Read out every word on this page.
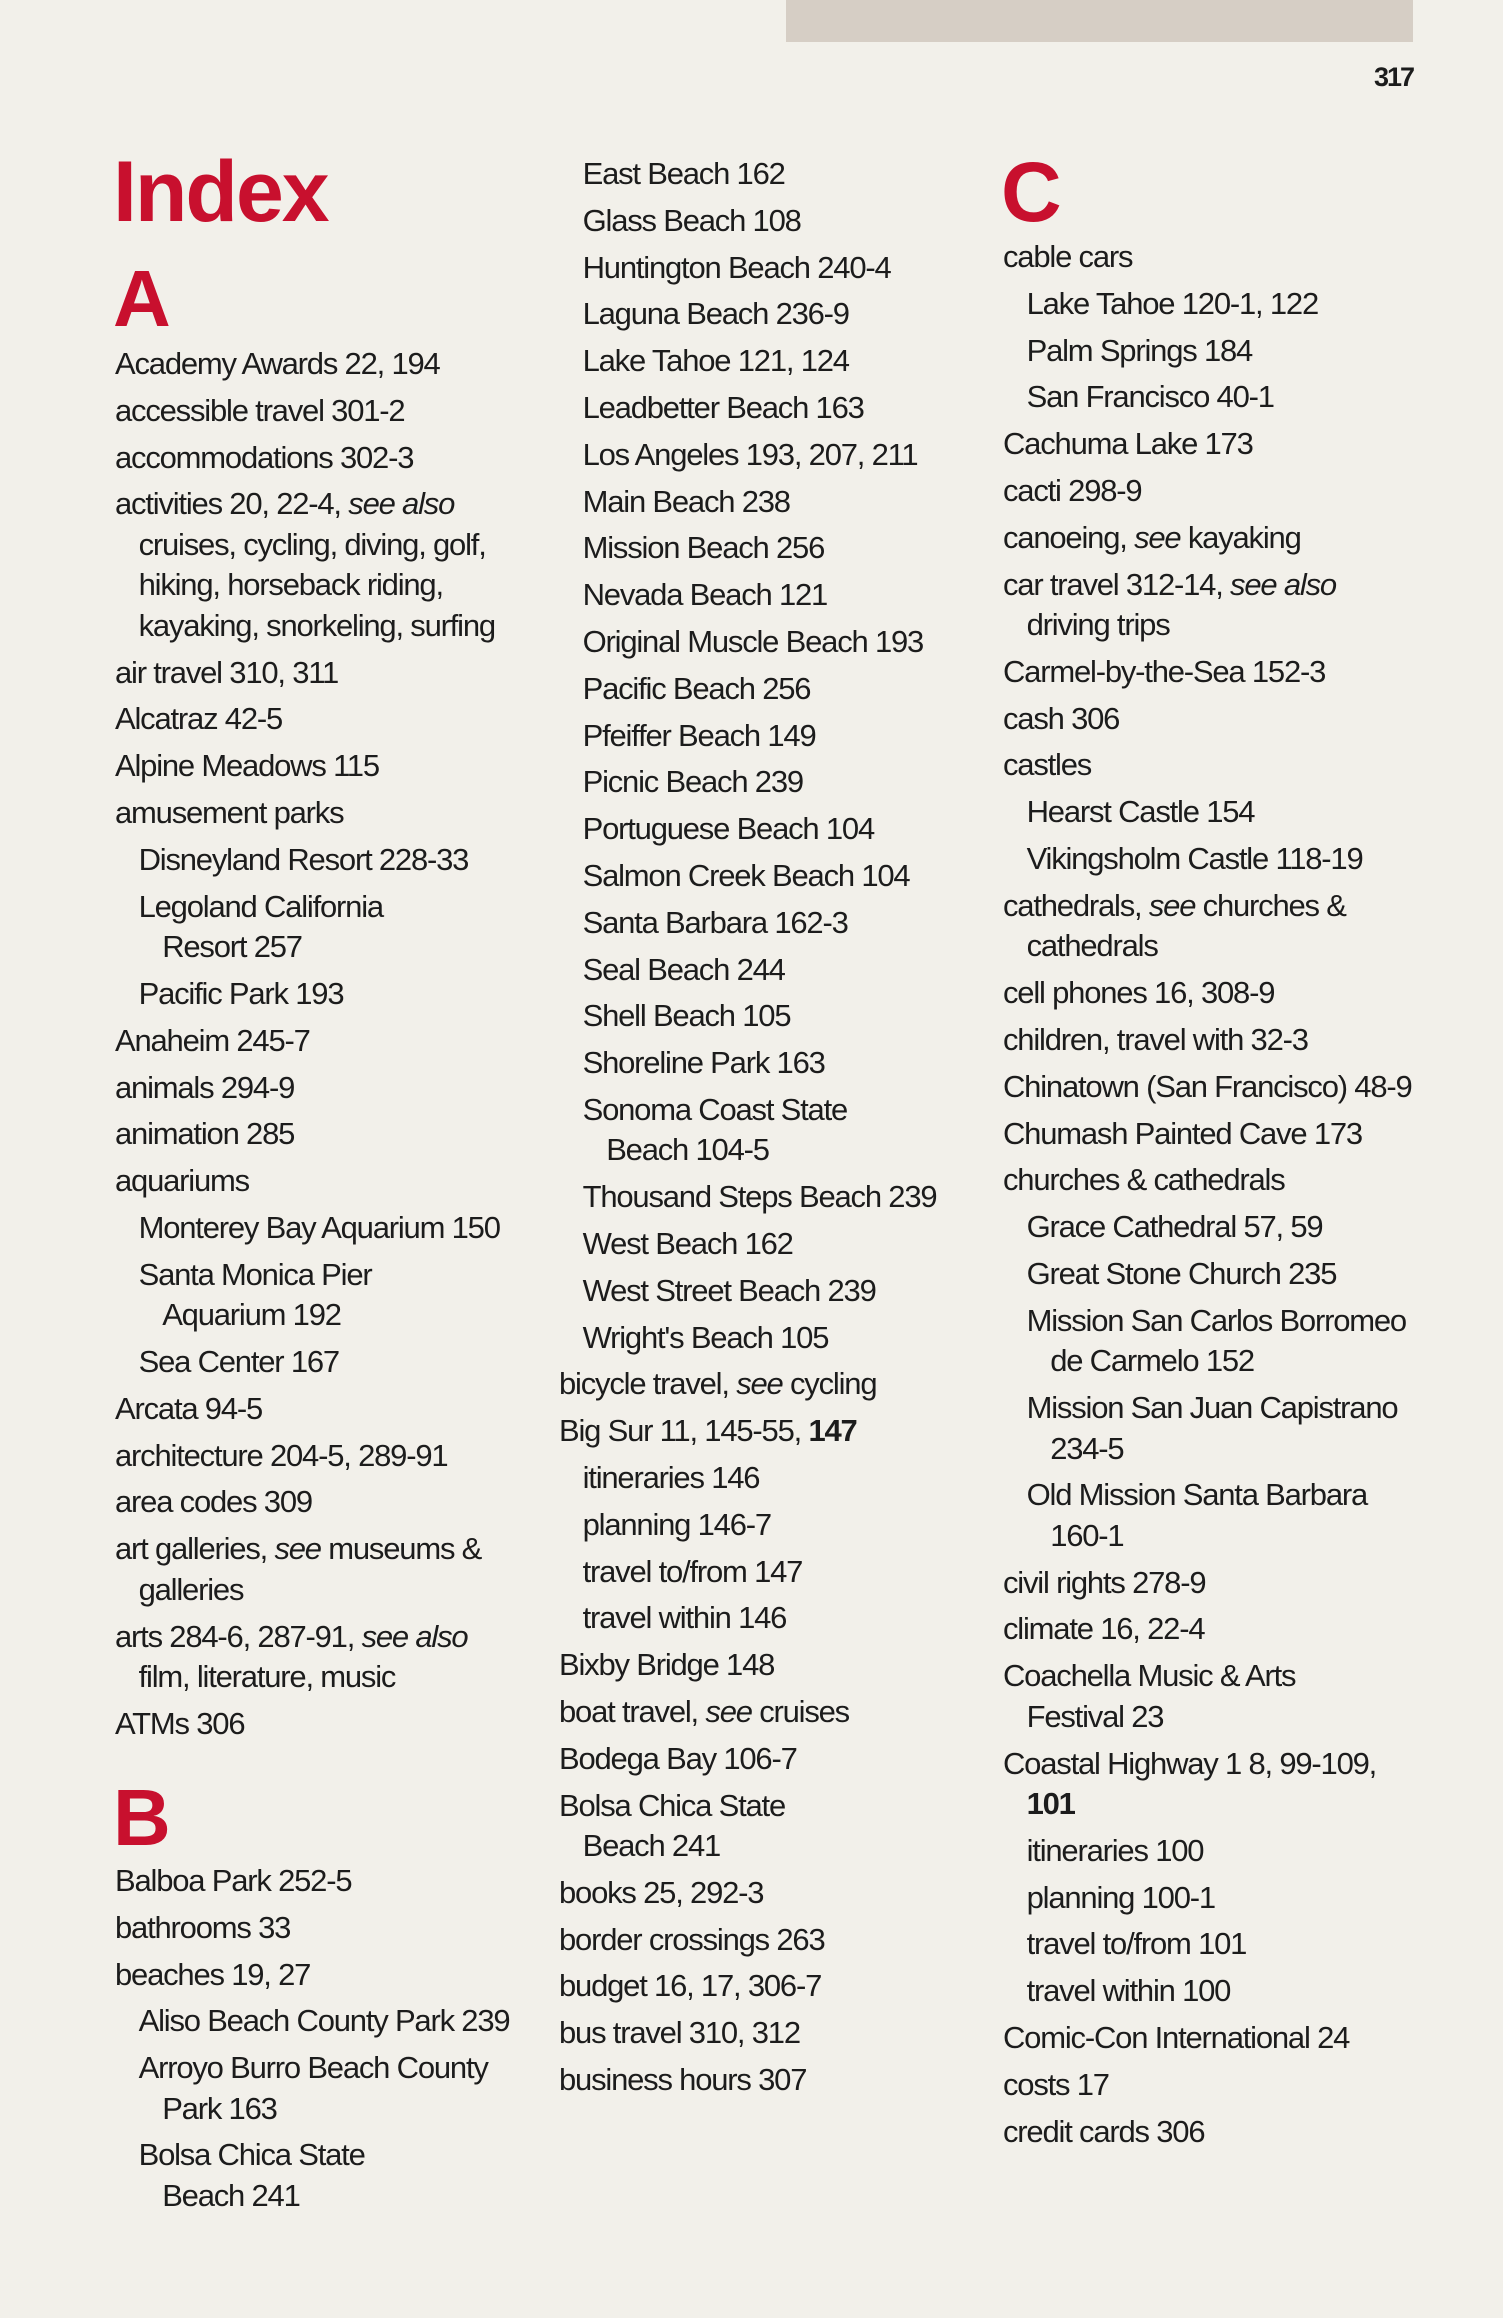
317
Index
A
Academy Awards 22, 194
accessible travel 301-2
accommodations 302-3
activities 20, 22-4, see also
cruises, cycling, diving, golf,
hiking, horseback riding,
kayaking, snorkeling, surfing
air travel 310, 311
Alcatraz 42-5
Alpine Meadows 115
amusement parks
Disneyland Resort 228-33
Legoland California
Resort 257
Pacific Park 193
Anaheim 245-7
animals 294-9
animation 285
aquariums
Monterey Bay Aquarium 150
Santa Monica Pier
Aquarium 192
Sea Center 167
Arcata 94-5
architecture 204-5, 289-91
area codes 309
art galleries, see museums &
galleries
arts 284-6, 287-91, see also
film, literature, music
ATMs 306
B
Balboa Park 252-5
bathrooms 33
beaches 19, 27
Aliso Beach County Park 239
Arroyo Burro Beach County
Park 163
Bolsa Chica State
Beach 241
East Beach 162
Glass Beach 108
Huntington Beach 240-4
Laguna Beach 236-9
Lake Tahoe 121, 124
Leadbetter Beach 163
Los Angeles 193, 207, 211
Main Beach 238
Mission Beach 256
Nevada Beach 121
Original Muscle Beach 193
Pacific Beach 256
Pfeiffer Beach 149
Picnic Beach 239
Portuguese Beach 104
Salmon Creek Beach 104
Santa Barbara 162-3
Seal Beach 244
Shell Beach 105
Shoreline Park 163
Sonoma Coast State
Beach 104-5
Thousand Steps Beach 239
West Beach 162
West Street Beach 239
Wright's Beach 105
bicycle travel, see cycling
Big Sur 11, 145-55, 147
itineraries 146
planning 146-7
travel to/from 147
travel within 146
Bixby Bridge 148
boat travel, see cruises
Bodega Bay 106-7
Bolsa Chica State
Beach 241
books 25, 292-3
border crossings 263
budget 16, 17, 306-7
bus travel 310, 312
business hours 307
C
cable cars
Lake Tahoe 120-1, 122
Palm Springs 184
San Francisco 40-1
Cachuma Lake 173
cacti 298-9
canoeing, see kayaking
car travel 312-14, see also
driving trips
Carmel-by-the-Sea 152-3
cash 306
castles
Hearst Castle 154
Vikingsholm Castle 118-19
cathedrals, see churches &
cathedrals
cell phones 16, 308-9
children, travel with 32-3
Chinatown (San Francisco) 48-9
Chumash Painted Cave 173
churches & cathedrals
Grace Cathedral 57, 59
Great Stone Church 235
Mission San Carlos Borromeo
de Carmelo 152
Mission San Juan Capistrano
234-5
Old Mission Santa Barbara
160-1
civil rights 278-9
climate 16, 22-4
Coachella Music & Arts
Festival 23
Coastal Highway 1 8, 99-109,
101
itineraries 100
planning 100-1
travel to/from 101
travel within 100
Comic-Con International 24
costs 17
credit cards 306
